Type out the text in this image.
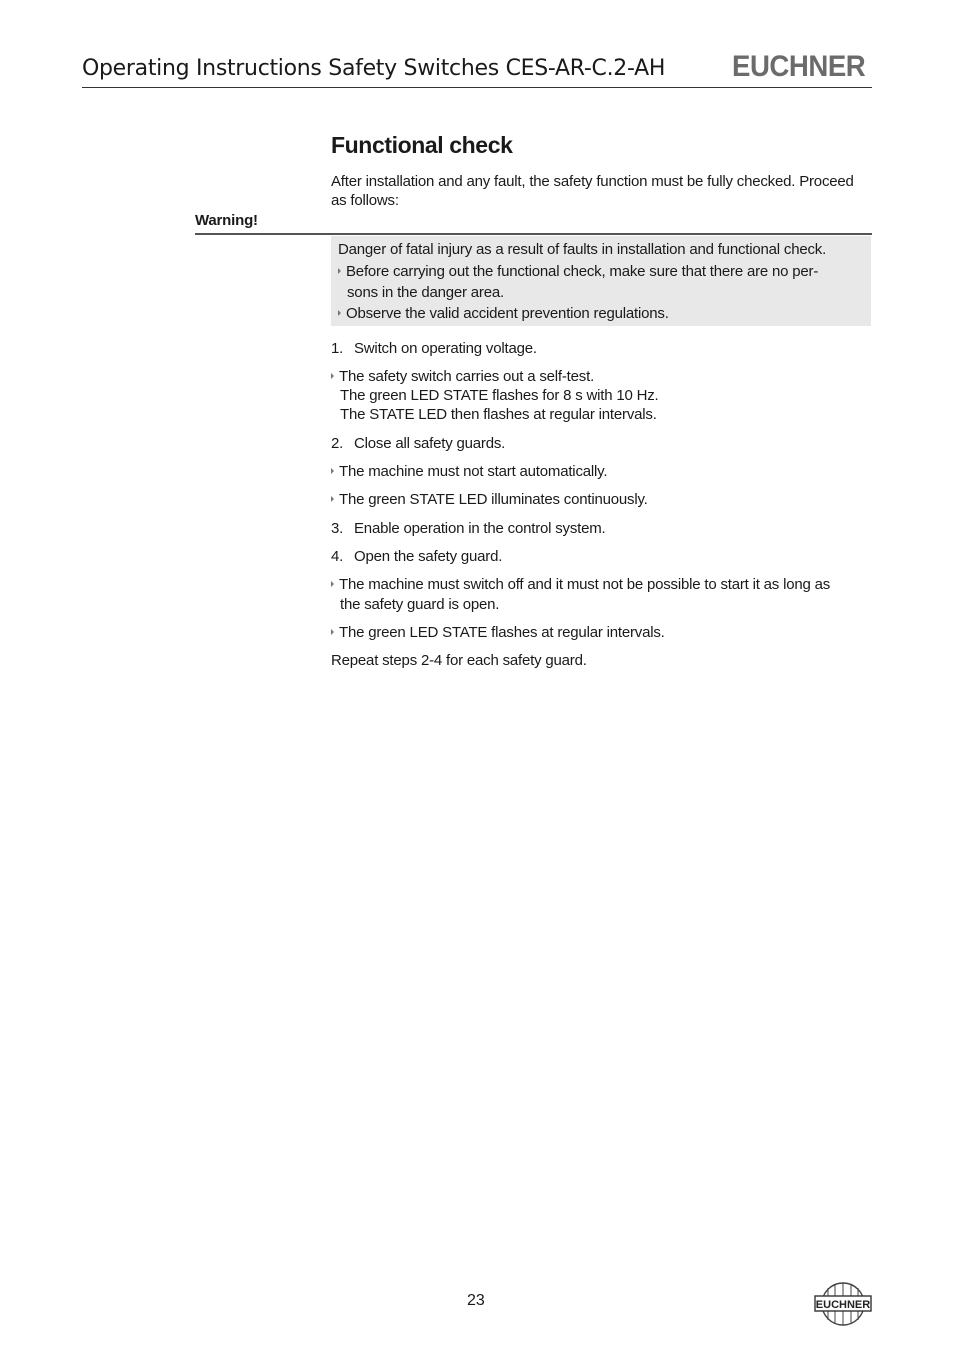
Operating Instructions Safety Switches CES-AR-C.2-AH EUCHNER
Functional check
After installation and any fault, the safety function must be fully checked. Proceed
as follows:
Warning!
Danger of fatal injury as a result of faults in installation and functional check.
Before carrying out the functional check, make sure that there are no per-
sons in the danger area.
Observe the valid accident prevention regulations.
1. Switch on operating voltage.
The safety switch carries out a self-test.
The green LED STATE flashes for 8 s with 10 Hz.
The STATE LED then flashes at regular intervals.
2. Close all safety guards.
The machine must not start automatically.
The green STATE LED illuminates continuously.
3. Enable operation in the control system.
4. Open the safety guard.
The machine must switch off and it must not be possible to start it as long as
the safety guard is open.
The green LED STATE flashes at regular intervals.
Repeat steps 2-4 for each safety guard.
23	EUCHNER
